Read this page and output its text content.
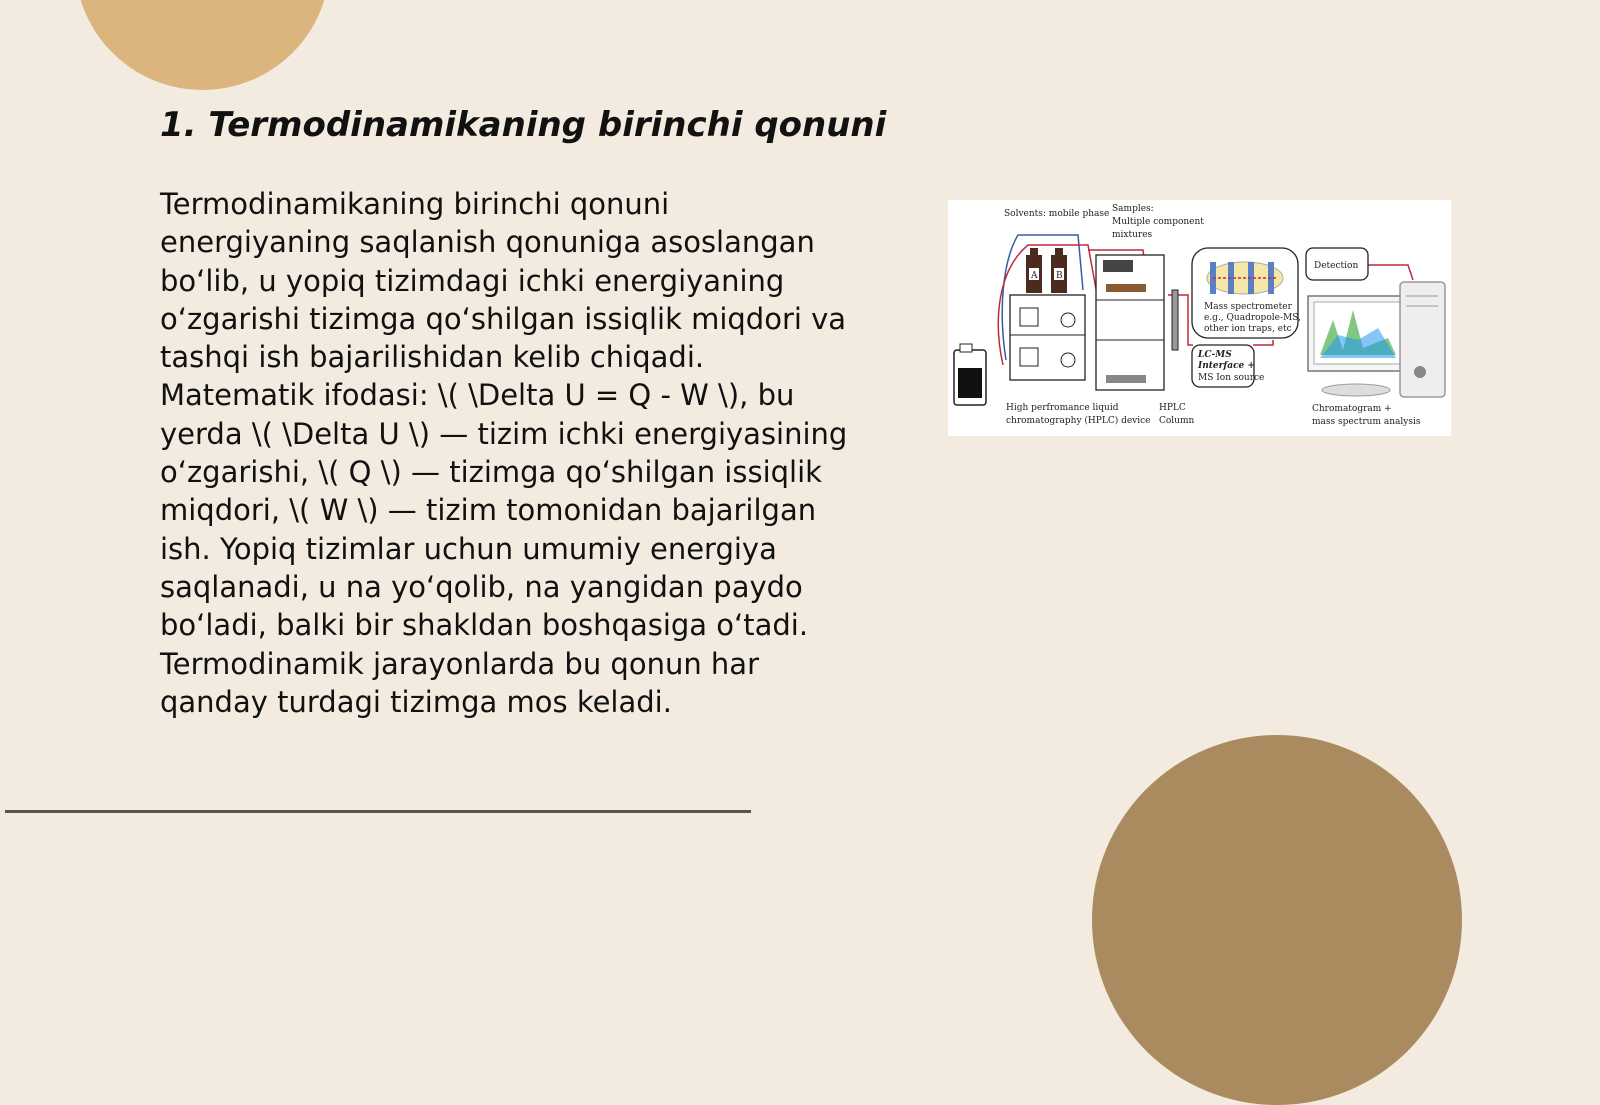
1. Termodinamikaning birinchi qonuni

Termodinamikaning birinchi qonuni energiyaning saqlanish qonuniga asoslangan bo‘lib, u yopiq tizimdagi ichki energiyaning o‘zgarishi tizimga qo‘shilgan issiqlik miqdori va tashqi ish bajarilishidan kelib chiqadi. Matematik ifodasi: \( \Delta U = Q - W \), bu yerda \( \Delta U \) — tizim ichki energiyasining o‘zgarishi, \( Q \) — tizimga qo‘shilgan issiqlik miqdori, \( W \) — tizim tomonidan bajarilgan ish. Yopiq tizimlar uchun umumiy energiya saqlanadi, u na yo‘qolib, na yangidan paydo bo‘ladi, balki bir shakldan boshqasiga o‘tadi. Termodinamik jarayonlarda bu qonun har qanday turdagi tizimga mos keladi.

A B
Mass spectrometer
e.g., Quadropole-MS,
other ion traps, etc
LC-MS
Interface +
MS Ion source
Detection
Solvents: mobile phase Samples:
Multiple component
mixtures
High perfromance liquid
chromatography (HPLC) device
HPLC
Column
Chromatogram +
mass spectrum analysis
